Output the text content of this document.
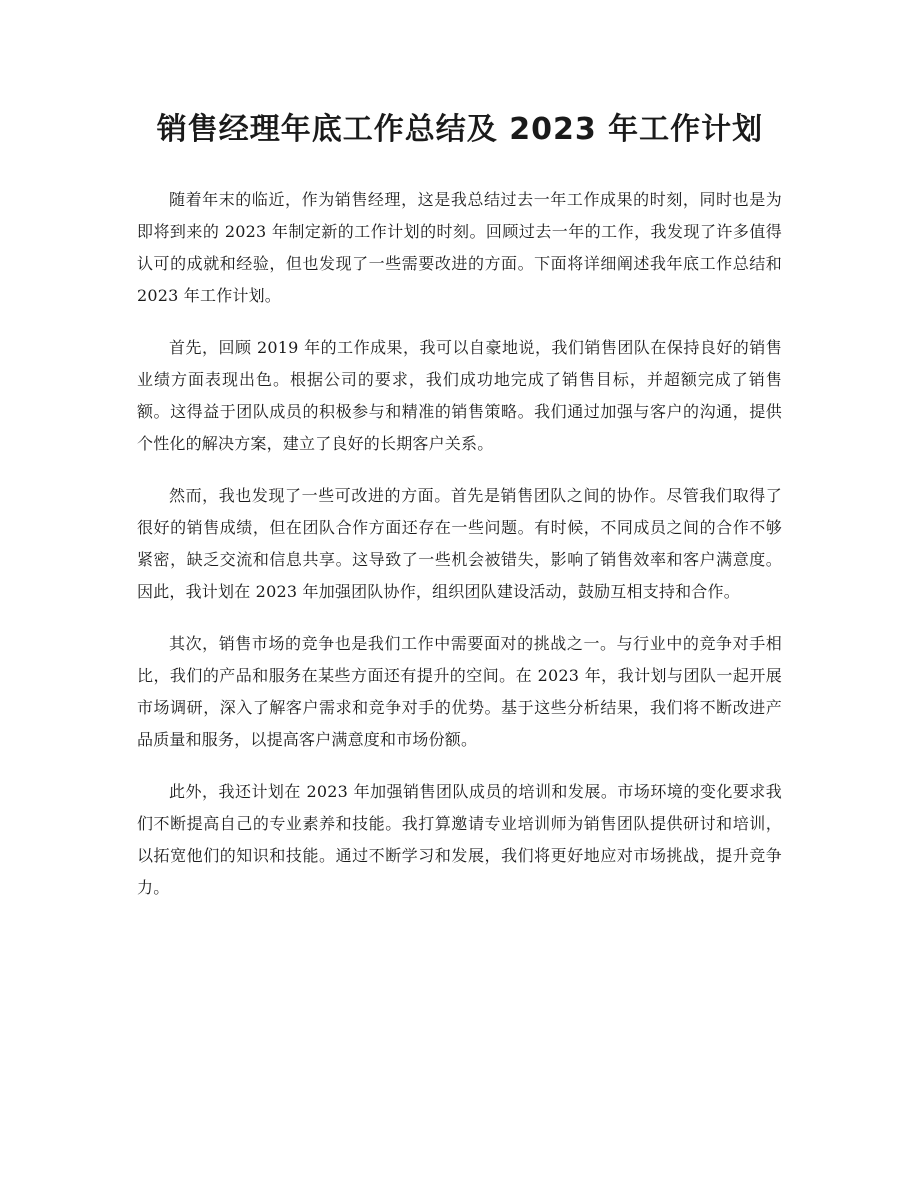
销售经理年底工作总结及 2023 年工作计划

随着年末的临近，作为销售经理，这是我总结过去一年工作成果的时刻，同时也是为即将到来的 2023 年制定新的工作计划的时刻。回顾过去一年的工作，我发现了许多值得认可的成就和经验，但也发现了一些需要改进的方面。下面将详细阐述我年底工作总结和 2023 年工作计划。

首先，回顾 2019 年的工作成果，我可以自豪地说，我们销售团队在保持良好的销售业绩方面表现出色。根据公司的要求，我们成功地完成了销售目标，并超额完成了销售额。这得益于团队成员的积极参与和精准的销售策略。我们通过加强与客户的沟通，提供个性化的解决方案，建立了良好的长期客户关系。

然而，我也发现了一些可改进的方面。首先是销售团队之间的协作。尽管我们取得了很好的销售成绩，但在团队合作方面还存在一些问题。有时候，不同成员之间的合作不够紧密，缺乏交流和信息共享。这导致了一些机会被错失，影响了销售效率和客户满意度。因此，我计划在 2023 年加强团队协作，组织团队建设活动，鼓励互相支持和合作。

其次，销售市场的竞争也是我们工作中需要面对的挑战之一。与行业中的竞争对手相比，我们的产品和服务在某些方面还有提升的空间。在 2023 年，我计划与团队一起开展市场调研，深入了解客户需求和竞争对手的优势。基于这些分析结果，我们将不断改进产品质量和服务，以提高客户满意度和市场份额。

此外，我还计划在 2023 年加强销售团队成员的培训和发展。市场环境的变化要求我们不断提高自己的专业素养和技能。我打算邀请专业培训师为销售团队提供研讨和培训，以拓宽他们的知识和技能。通过不断学习和发展，我们将更好地应对市场挑战，提升竞争力。
